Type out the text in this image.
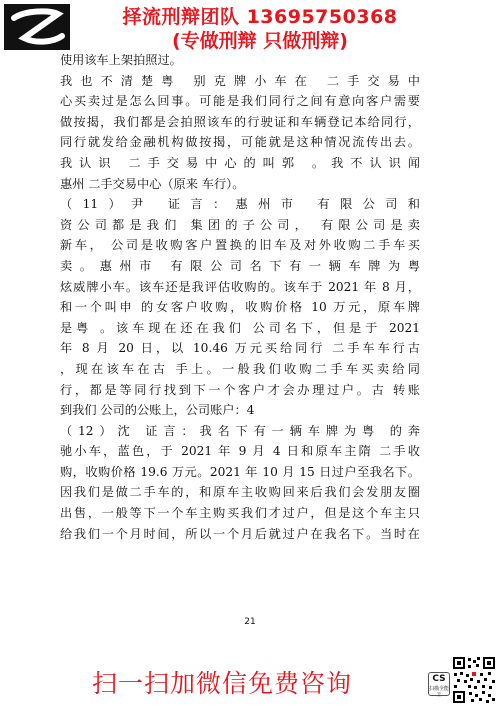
择流刑辩团队 13695750368
(专做刑辩 只做刑辩)
使用该车上架拍照过。
我也不清楚粤 别克牌小车在 二手交易中
心买卖过是怎么回事。可能是我们同行之间有意向客户需要
做按揭，我们都是会拍照该车的行驶证和车辆登记本给同行，
同行就发给金融机构做按揭，可能就是这种情况流传出去。
我认识 二手交易中心的叫郭 。我不认识闻
惠州 二手交易中心（原来 车行）。
（11）尹 证言：惠州市 有限公司和
资公司都是我们 集团的子公司， 有限公司是卖
新车， 公司是收购客户置换的旧车及对外收购二手车买
卖。惠州市 有限公司名下有一辆车牌为粤
炫威牌小车。该车还是我评估收购的。该车于 2021 年 8 月，
和一个叫申 的女客户收购，收购价格 10 万元，原车牌
是粤 。该车现在还在我们 公司名下，但是于 2021
年 8 月 20 日，以 10.46 万元买给同行 二手车车行古
，现在该车在古 手上。一般我们收购二手车买卖给同
行，都是等同行找到下一个客户才会办理过户。古 转账
到我们 公司的公账上，公司账户：4
（12）沈 证言：我名下有一辆车牌为粤 的奔
驰小车，蓝色，于 2021 年 9 月 4 日和原车主隋 二手收
购，收购价格 19.6 万元。2021 年 10 月 15 日过户至我名下。
因我们是做二手车的，和原车主收购回来后我们会发朋友圈
出售，一般等下一个车主购买我们才过户，但是这个车主只
给我们一个月时间，所以一个月后就过户在我名下。当时在
21
扫一扫加微信免费咨询	CS
扫描全能王
